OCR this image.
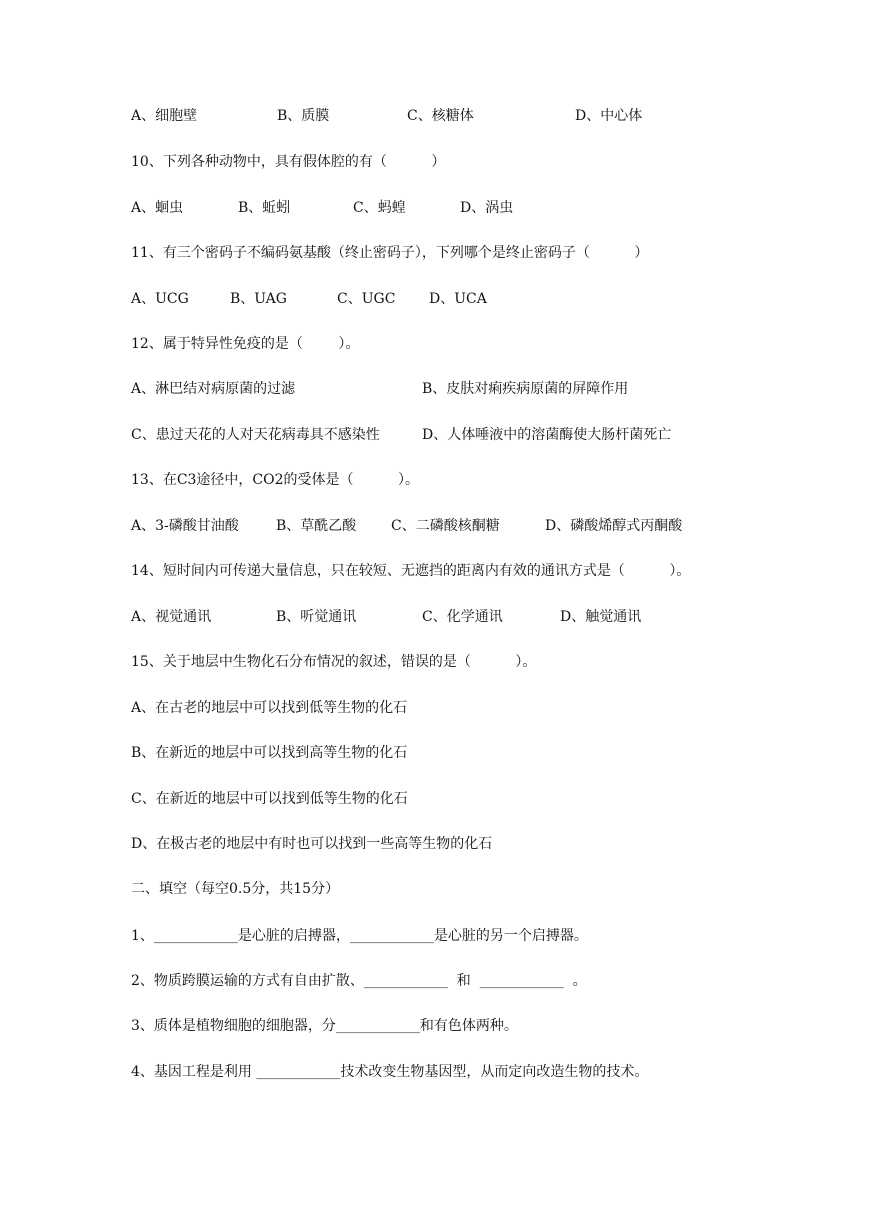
A、细胞壁	B、质膜	C、核糖体	D、中心体
10、下列各种动物中，具有假体腔的有（          ）
A、蛔虫	B、蚯蚓	C、蚂蝗	D、涡虫
11、有三个密码子不编码氨基酸（终止密码子），下列哪个是终止密码子（          ）
A、UCG	B、UAG	C、UGC D、UCA
12、属于特异性免疫的是（        ）。
A、淋巴结对病原菌的过滤	B、皮肤对痢疾病原菌的屏障作用
C、患过天花的人对天花病毒具不感染性	D、人体唾液中的溶菌酶使大肠杆菌死亡
13、在C3途径中，CO2的受体是（          ）。
A、3-磷酸甘油酸	B、草酰乙酸 C、二磷酸核酮糖	D、磷酸烯醇式丙酮酸
14、短时间内可传递大量信息，只在较短、无遮挡的距离内有效的通讯方式是（          ）。
A、视觉通讯	B、听觉通讯	C、化学通讯	D、触觉通讯
15、关于地层中生物化石分布情况的叙述，错误的是（          ）。
A、在古老的地层中可以找到低等生物的化石
B、在新近的地层中可以找到高等生物的化石
C、在新近的地层中可以找到低等生物的化石
D、在极古老的地层中有时也可以找到一些高等生物的化石
二、填空（每空0.5分，共15分）
1、____________是心脏的启搏器，____________是心脏的另一个启搏器。
2、物质跨膜运输的方式有自由扩散、____________  和  ____________  。
3、质体是植物细胞的细胞器，分____________和有色体两种。
4、基因工程是利用 ____________技术改变生物基因型，从而定向改造生物的技术。
